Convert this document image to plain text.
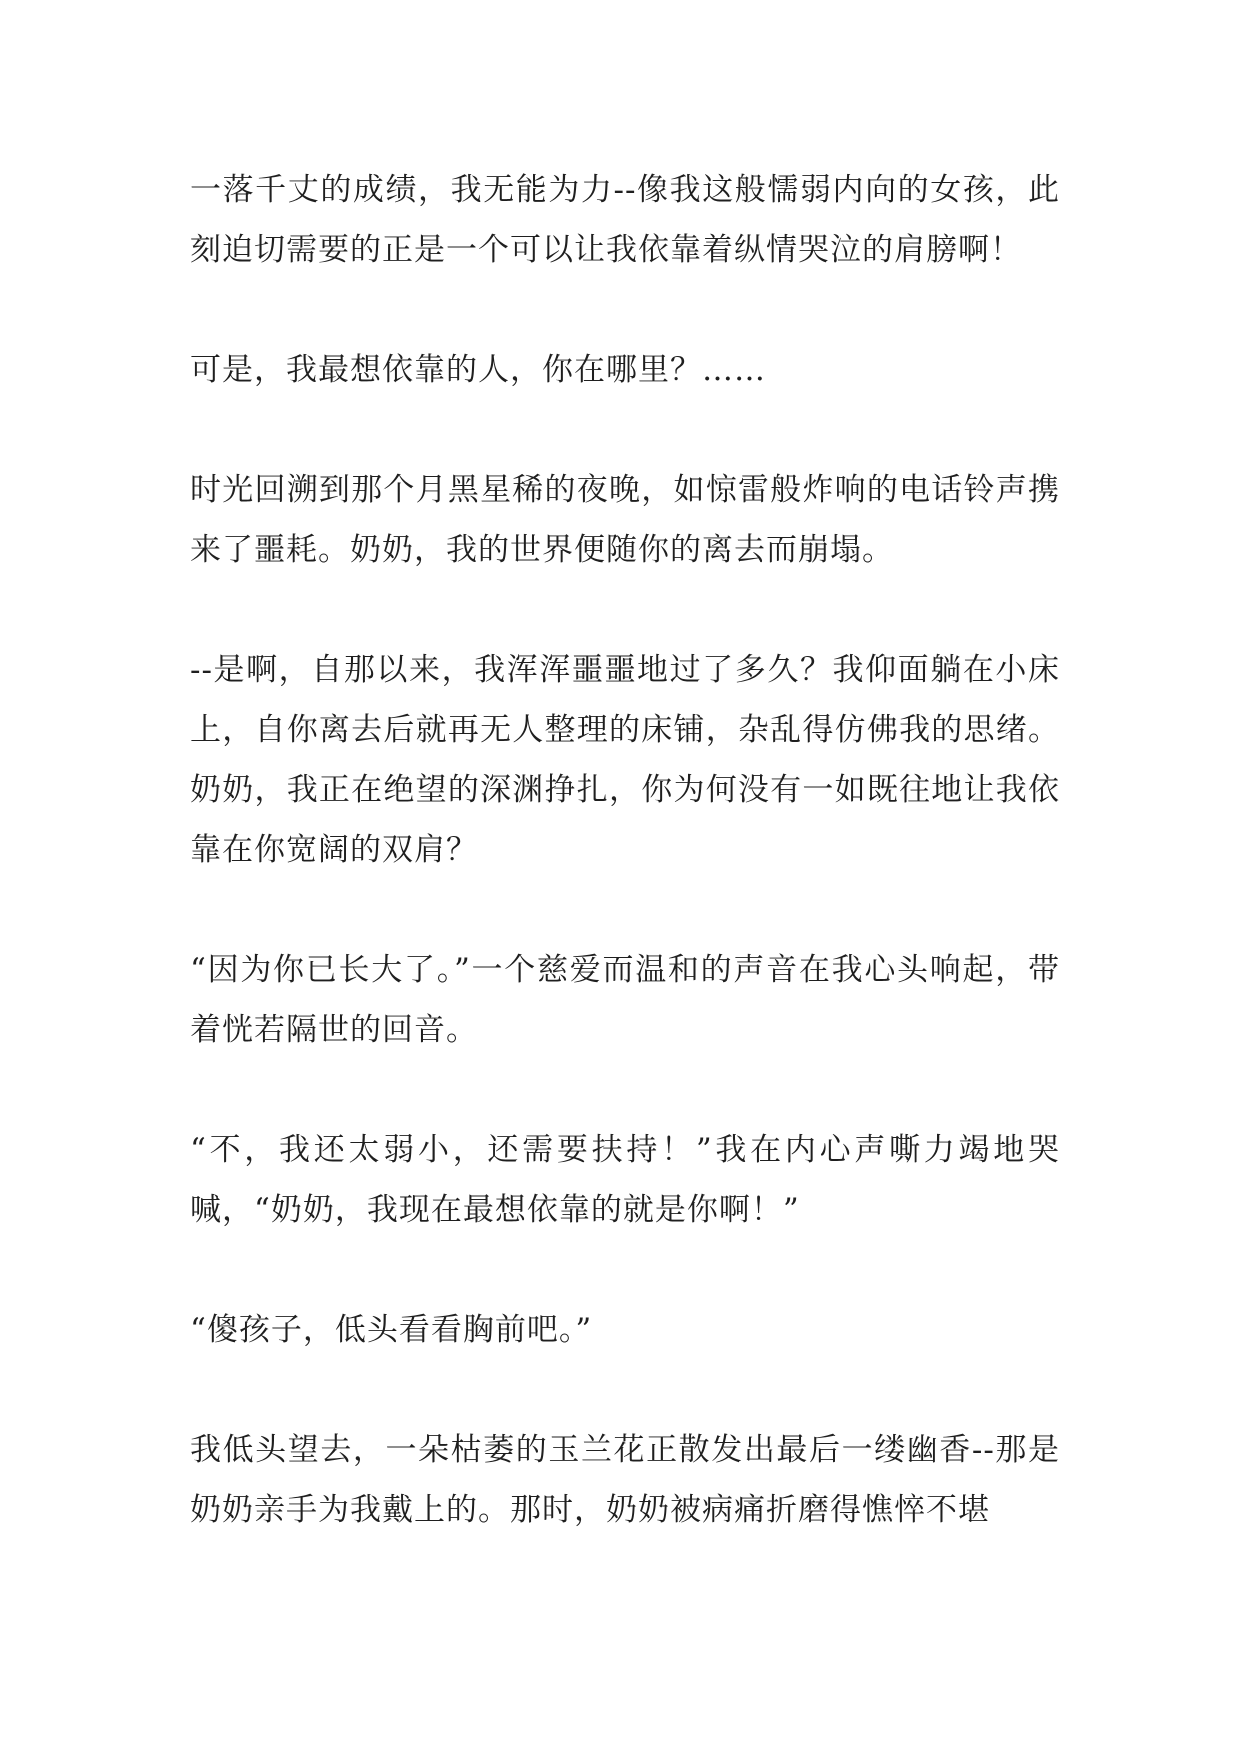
一落千丈的成绩，我无能为力--像我这般懦弱内向的女孩，此刻迫切需要的正是一个可以让我依靠着纵情哭泣的肩膀啊！

可是，我最想依靠的人，你在哪里？……

时光回溯到那个月黑星稀的夜晚，如惊雷般炸响的电话铃声携来了噩耗。奶奶，我的世界便随你的离去而崩塌。

--是啊，自那以来，我浑浑噩噩地过了多久？我仰面躺在小床上，自你离去后就再无人整理的床铺，杂乱得仿佛我的思绪。奶奶，我正在绝望的深渊挣扎，你为何没有一如既往地让我依靠在你宽阔的双肩？

“因为你已长大了。”一个慈爱而温和的声音在我心头响起，带着恍若隔世的回音。

“不，我还太弱小，还需要扶持！”我在内心声嘶力竭地哭喊，“奶奶，我现在最想依靠的就是你啊！”

“傻孩子，低头看看胸前吧。”

我低头望去，一朵枯萎的玉兰花正散发出最后一缕幽香--那是奶奶亲手为我戴上的。那时，奶奶被病痛折磨得憔悴不堪
